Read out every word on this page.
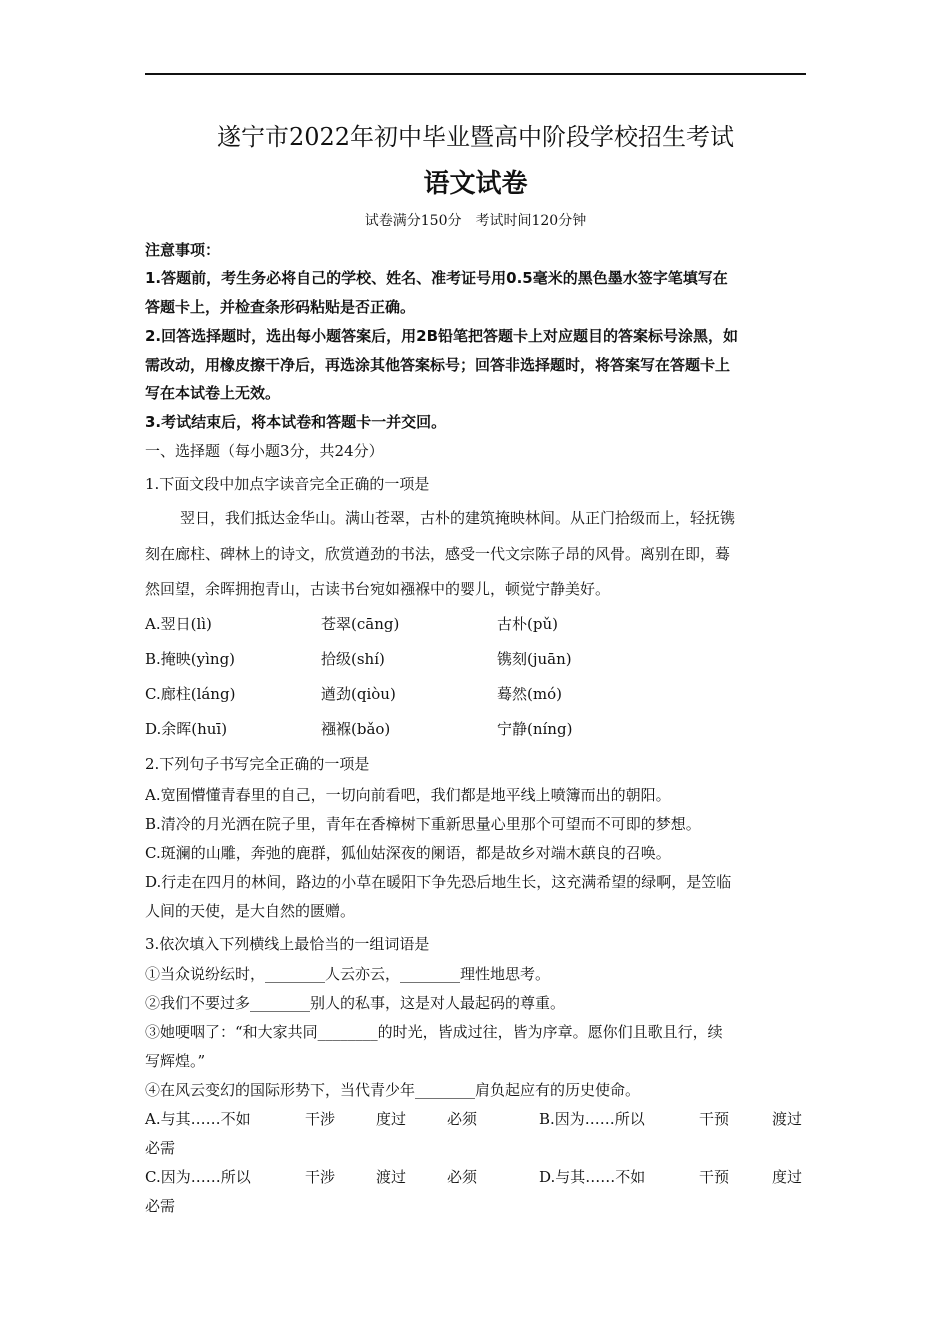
遂宁市2022年初中毕业暨高中阶段学校招生考试
语文试卷
试卷满分150分　考试时间120分钟
注意事项：
1.答题前，考生务必将自己的学校、姓名、准考证号用0.5毫米的黑色墨水签字笔填写在
答题卡上，并检查条形码粘贴是否正确。
2.回答选择题时，选出每小题答案后，用2B铅笔把答题卡上对应题目的答案标号涂黑，如
需改动，用橡皮擦干净后，再选涂其他答案标号；回答非选择题时，将答案写在答题卡上
写在本试卷上无效。
3.考试结束后，将本试卷和答题卡一并交回。
一、选择题（每小题3分，共24分）
1.下面文段中加点字读音完全正确的一项是
翌日，我们抵达金华山。满山苍翠，古朴的建筑掩映林间。从正门拾级而上，轻抚镌
刻在廊柱、碑林上的诗文，欣赏遒劲的书法，感受一代文宗陈子昂的风骨。离别在即，蓦
然回望，余晖拥抱青山，古读书台宛如襁褓中的婴儿，顿觉宁静美好。
A.翌日(lì)	苍翠(cāng)	古朴(pǔ)
B.掩映(yìng)	拾级(shí)	镌刻(juān)
C.廊柱(láng)	遒劲(qiòu)	蓦然(mó)
D.余晖(huī)	襁褓(bǎo)	宁静(níng)
2.下列句子书写完全正确的一项是
A.宽囿懵懂青春里的自己，一切向前看吧，我们都是地平线上喷簿而出的朝阳。
B.清冷的月光洒在院子里，青年在香樟树下重新思量心里那个可望而不可即的梦想。
C.斑澜的山雕，奔弛的鹿群，狐仙姑深夜的阑语，都是故乡对端木蕻良的召唤。
D.行走在四月的林间，路边的小草在暖阳下争先恐后地生长，这充满希望的绿啊，是笠临
人间的天使，是大自然的匮赠。
3.依次填入下列横线上最恰当的一组词语是
①当众说纷纭时，________人云亦云，________理性地思考。
②我们不要过多________别人的私事，这是对人最起码的尊重。
③她哽咽了：“和大家共同________的时光，皆成过往，皆为序章。愿你们且歌且行，续
写辉煌。”
④在风云变幻的国际形势下，当代青少年________肩负起应有的历史使命。
A.与其……不如	干涉	度过	必须	B.因为……所以	干预	渡过
必需
C.因为……所以	干涉	渡过	必须	D.与其……不如	干预	度过
必需
